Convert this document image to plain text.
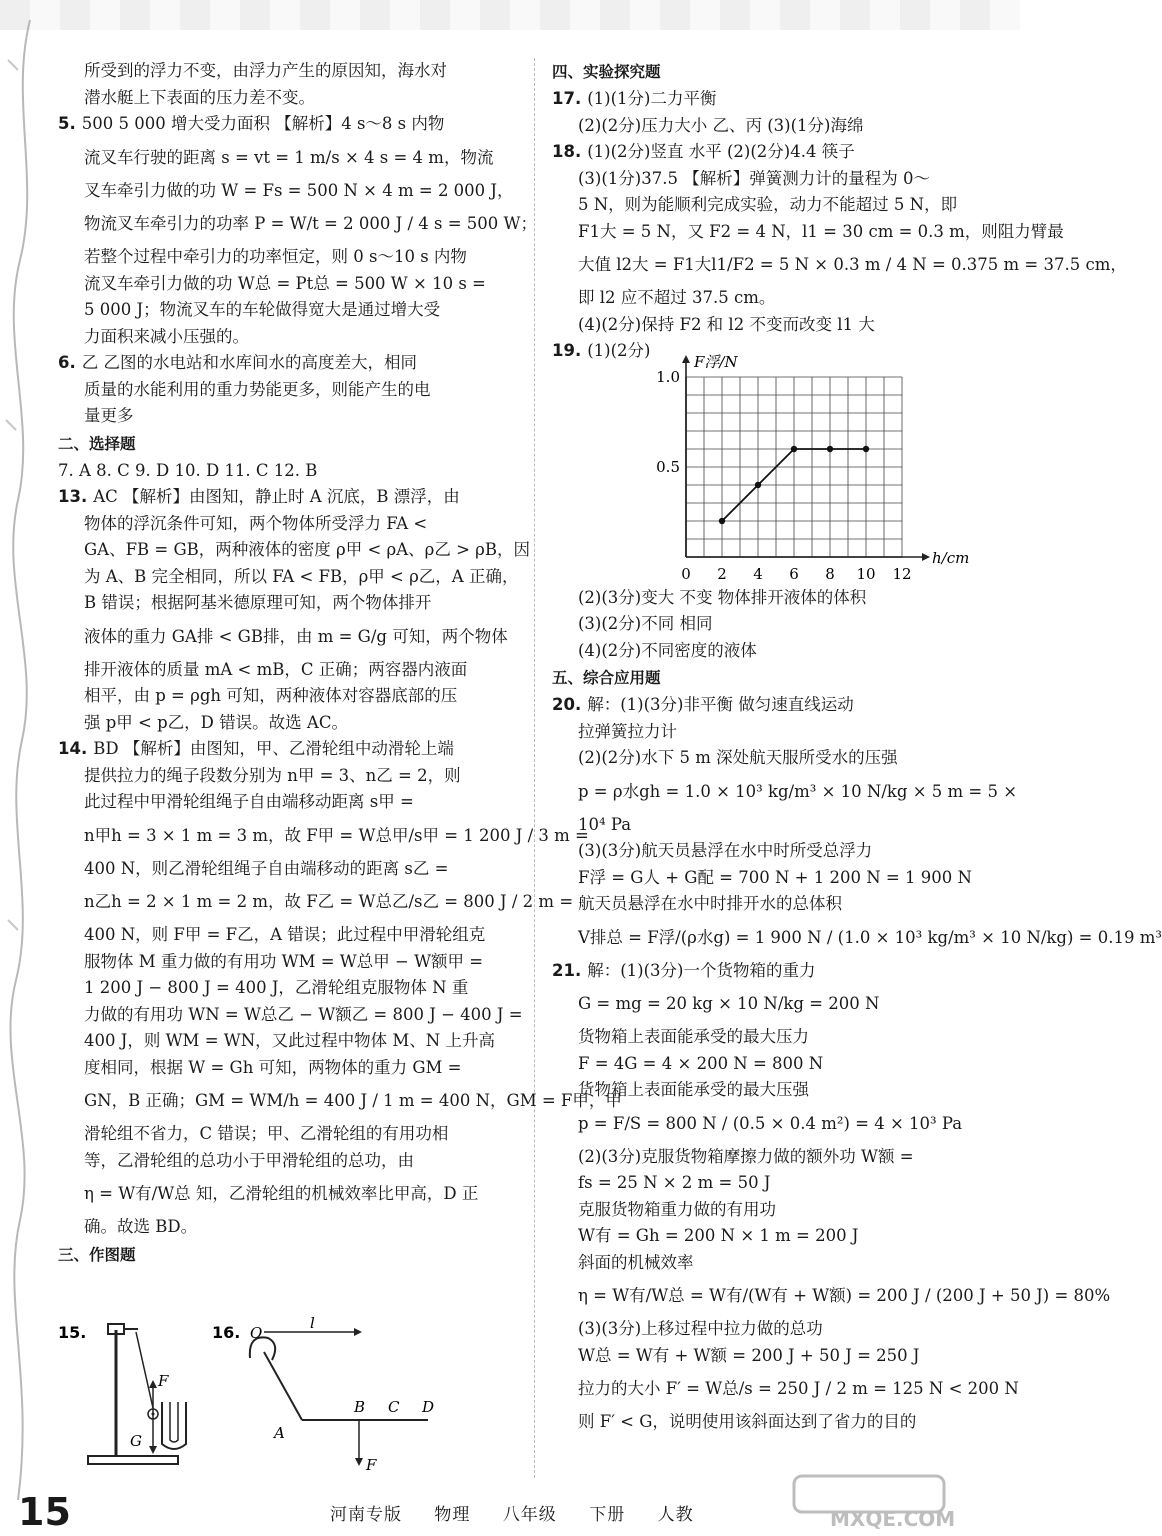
所受到的浮力不变，由浮力产生的原因知，海水对
潜水艇上下表面的压力差不变。
5. 500 5 000 增大受力面积 【解析】4 s～8 s 内物
流叉车行驶的距离 s = vt = 1 m/s × 4 s = 4 m，物流
叉车牵引力做的功 W = Fs = 500 N × 4 m = 2 000 J，
物流叉车牵引力的功率 P = W/t = 2 000 J / 4 s = 500 W；
若整个过程中牵引力的功率恒定，则 0 s～10 s 内物
流叉车牵引力做的功 W总 = Pt总 = 500 W × 10 s =
5 000 J；物流叉车的车轮做得宽大是通过增大受
力面积来减小压强的。
6. 乙 乙图的水电站和水库间水的高度差大，相同
质量的水能利用的重力势能更多，则能产生的电
量更多
二、选择题
7. A 8. C 9. D 10. D 11. C 12. B
13. AC 【解析】由图知，静止时 A 沉底，B 漂浮，由
物体的浮沉条件可知，两个物体所受浮力 FA <
GA、FB = GB，两种液体的密度 ρ甲 < ρA、ρ乙 > ρB，因
为 A、B 完全相同，所以 FA < FB，ρ甲 < ρ乙，A 正确，
B 错误；根据阿基米德原理可知，两个物体排开
液体的重力 GA排 < GB排，由 m = G/g 可知，两个物体
排开液体的质量 mA < mB，C 正确；两容器内液面
相平，由 p = ρgh 可知，两种液体对容器底部的压
强 p甲 < p乙，D 错误。故选 AC。
14. BD 【解析】由图知，甲、乙滑轮组中动滑轮上端
提供拉力的绳子段数分别为 n甲 = 3、n乙 = 2，则
此过程中甲滑轮组绳子自由端移动距离 s甲 =
n甲h = 3 × 1 m = 3 m，故 F甲 = W总甲/s甲 = 1 200 J / 3 m =
400 N，则乙滑轮组绳子自由端移动的距离 s乙 =
n乙h = 2 × 1 m = 2 m，故 F乙 = W总乙/s乙 = 800 J / 2 m =
400 N，则 F甲 = F乙，A 错误；此过程中甲滑轮组克
服物体 M 重力做的有用功 WM = W总甲 − W额甲 =
1 200 J − 800 J = 400 J，乙滑轮组克服物体 N 重
力做的有用功 WN = W总乙 − W额乙 = 800 J − 400 J =
400 J，则 WM = WN，又此过程中物体 M、N 上升高
度相同，根据 W = Gh 可知，两物体的重力 GM =
GN，B 正确；GM = WM/h = 400 J / 1 m = 400 N，GM = F甲，甲
滑轮组不省力，C 错误；甲、乙滑轮组的有用功相
等，乙滑轮组的总功小于甲滑轮组的总功，由
η = W有/W总 知，乙滑轮组的机械效率比甲高，D 正
确。故选 BD。
三、作图题
四、实验探究题
17. (1)(1分)二力平衡
(2)(2分)压力大小 乙、丙 (3)(1分)海绵
18. (1)(2分)竖直 水平 (2)(2分)4.4 筷子
(3)(1分)37.5 【解析】弹簧测力计的量程为 0～
5 N，则为能顺利完成实验，动力不能超过 5 N，即
F1大 = 5 N，又 F2 = 4 N，l1 = 30 cm = 0.3 m，则阻力臂最
大值 l2大 = F1大l1/F2 = 5 N × 0.3 m / 4 N = 0.375 m = 37.5 cm，
即 l2 应不超过 37.5 cm。
(4)(2分)保持 F2 和 l2 不变而改变 l1 大
19. (1)(2分)
0 2 4 6 8 10 12
0.5
1.0
h/cm
F浮/N
(2)(3分)变大 不变 物体排开液体的体积
(3)(2分)不同 相同
(4)(2分)不同密度的液体
五、综合应用题
20. 解：(1)(3分)非平衡 做匀速直线运动
拉弹簧拉力计
(2)(2分)水下 5 m 深处航天服所受水的压强
p = ρ水gh = 1.0 × 10³ kg/m³ × 10 N/kg × 5 m = 5 ×
10⁴ Pa
(3)(3分)航天员悬浮在水中时所受总浮力
F浮 = G人 + G配 = 700 N + 1 200 N = 1 900 N
航天员悬浮在水中时排开水的总体积
V排总 = F浮/(ρ水g) = 1 900 N / (1.0 × 10³ kg/m³ × 10 N/kg) = 0.19 m³
21. 解：(1)(3分)一个货物箱的重力
G = mg = 20 kg × 10 N/kg = 200 N
货物箱上表面能承受的最大压力
F = 4G = 4 × 200 N = 800 N
货物箱上表面能承受的最大压强
p = F/S = 800 N / (0.5 × 0.4 m²) = 4 × 10³ Pa
(2)(3分)克服货物箱摩擦力做的额外功 W额 =
fs = 25 N × 2 m = 50 J
克服货物箱重力做的有用功
W有 = Gh = 200 N × 1 m = 200 J
斜面的机械效率
η = W有/W总 = W有/(W有 + W额) = 200 J / (200 J + 50 J) = 80%
(3)(3分)上移过程中拉力做的总功
W总 = W有 + W额 = 200 J + 50 J = 250 J
拉力的大小 F′ = W总/s = 250 J / 2 m = 125 N < 200 N
则 F′ < G，说明使用该斜面达到了省力的目的
15.
F
G
16. O
l
A
B C D
F
15	河南专版 物理 八年级 下册 人教	MXQE.COM
